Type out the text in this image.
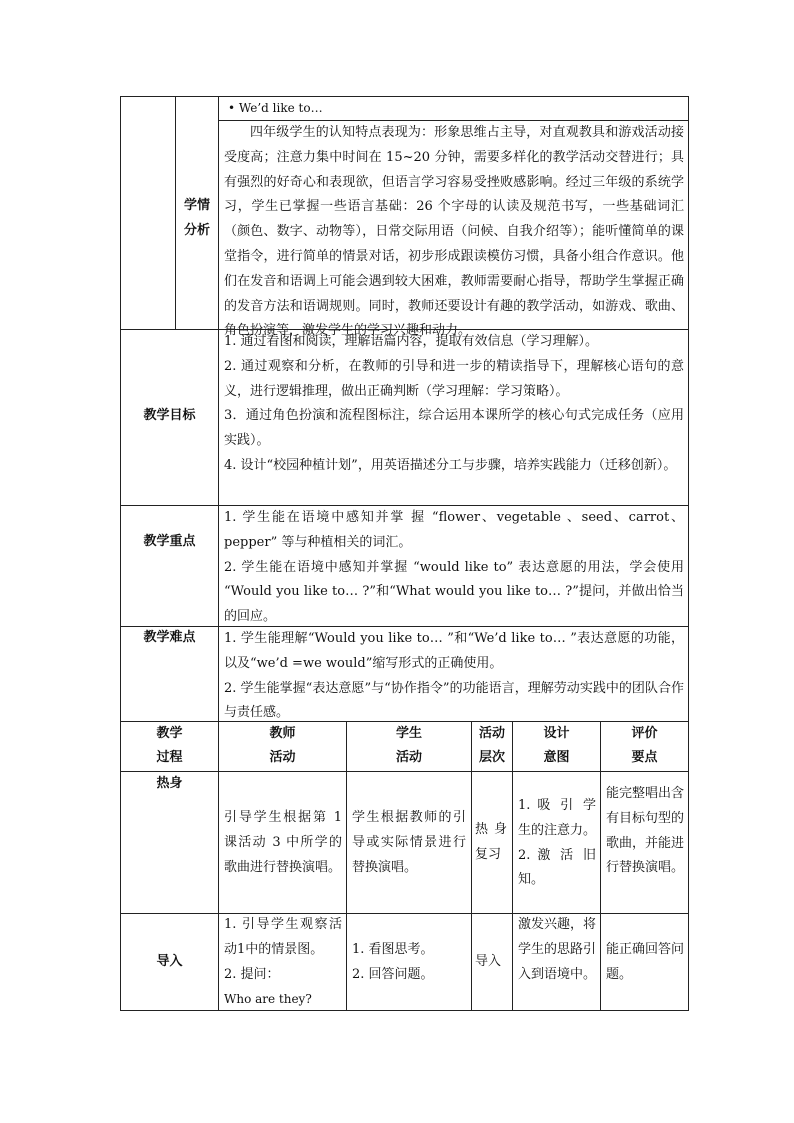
• We’d like to…
学情
分析
四年级学生的认知特点表现为：形象思维占主导，对直观教具和游戏活动接受度高；注意力集中时间在 15~20 分钟，需要多样化的教学活动交替进行；具有强烈的好奇心和表现欲，但语言学习容易受挫败感影响。经过三年级的系统学习，学生已掌握一些语言基础：26 个字母的认读及规范书写，一些基础词汇（颜色、数字、动物等），日常交际用语（问候、自我介绍等）；能听懂简单的课堂指令，进行简单的情景对话，初步形成跟读模仿习惯，具备小组合作意识。他们在发音和语调上可能会遇到较大困难，教师需要耐心指导，帮助学生掌握正确的发音方法和语调规则。同时，教师还要设计有趣的教学活动，如游戏、歌曲、角色扮演等，激发学生的学习兴趣和动力。
教学目标

1. 通过看图和阅读，理解语篇内容，提取有效信息（学习理解）。

2. 通过观察和分析，在教师的引导和进一步的精读指导下，理解核心语句的意义，进行逻辑推理，做出正确判断（学习理解：学习策略）。

3．通过角色扮演和流程图标注，综合运用本课所学的核心句式完成任务（应用实践）。

4. 设计“校园种植计划”，用英语描述分工与步骤，培养实践能力（迁移创新）。

教学重点

1. 学生能在语境中感知并掌 握 “flower、vegetable 、seed、carrot、pepper” 等与种植相关的词汇。

2. 学生能在语境中感知并掌握 “would like to” 表达意愿的用法，学会使用 “Would you like to… ?”和“What would you like to… ?”提问，并做出恰当的回应。

教学难点	1. 学生能理解“Would you like to… ”和“We’d like to… ”表达意愿的功能，以及“we’d =we would”缩写形式的正确使用。

2. 学生能掌握“表达意愿”与“协作指令”的功能语言，理解劳动实践中的团队合作与责任感。

教学
过程
教师
活动
学生
活动
活动
层次
设计
意图
评价
要点
热身
引导学生根据第 1 课活动 3 中所学的歌曲进行替换演唱。
学生根据教师的引导或实际情景进行替换演唱。
热身复习

1. 吸 引 学 生的注意力。

2. 激 活 旧 知。

能完整唱出含有目标句型的歌曲，并能进行替换演唱。
导入

1. 引导学生观察活动1中的情景图。

2. 提问：

Who are they?

1. 看图思考。

2. 回答问题。

导入
激发兴趣，将学生的思路引入到语境中。
能正确回答问题。
